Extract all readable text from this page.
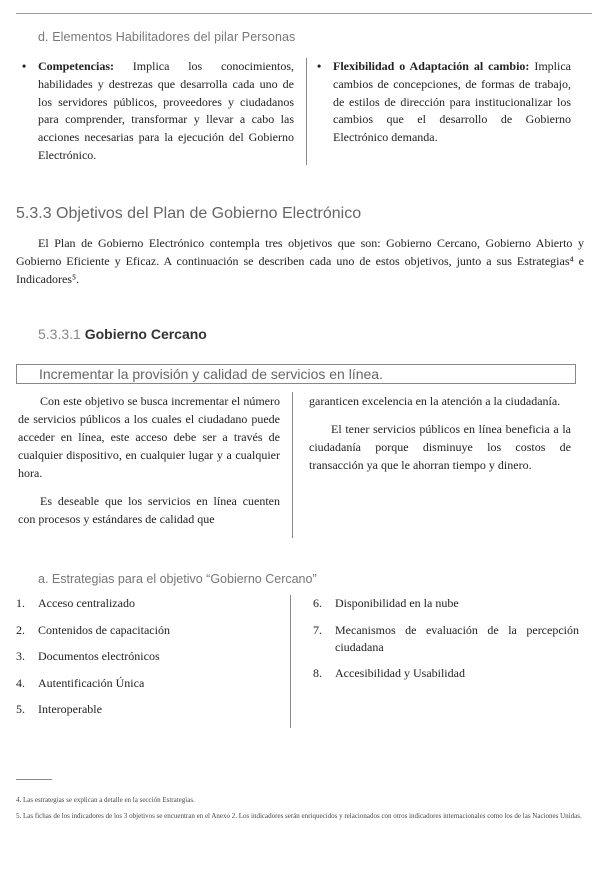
d. Elementos Habilitadores del pilar Personas
• Competencias: Implica los conocimientos, habilidades y destrezas que desarrolla cada uno de los servidores públicos, proveedores y ciudadanos para comprender, transformar y llevar a cabo las acciones necesarias para la ejecución del Gobierno Electrónico.
• Flexibilidad o Adaptación al cambio: Implica cambios de concepciones, de formas de trabajo, de estilos de dirección para institucionalizar los cambios que el desarrollo de Gobierno Electrónico demanda.
5.3.3 Objetivos del Plan de Gobierno Electrónico

El Plan de Gobierno Electrónico contempla tres objetivos que son: Gobierno Cercano, Gobierno Abierto y Gobierno Eficiente y Eficaz. A continuación se describen cada uno de estos objetivos, junto a sus Estrategias⁴ e Indicadores⁵.

5.3.3.1 Gobierno Cercano
Incrementar la provisión y calidad de servicios en línea.

Con este objetivo se busca incrementar el número de servicios públicos a los cuales el ciudadano puede acceder en línea, este acceso debe ser a través de cualquier dispositivo, en cualquier lugar y a cualquier hora.

Es deseable que los servicios en línea cuenten con procesos y estándares de calidad que

garanticen excelencia en la atención a la ciudadanía.

El tener servicios públicos en línea beneficia a la ciudadanía porque disminuye los costos de transacción ya que le ahorran tiempo y dinero.

a. Estrategias para el objetivo “Gobierno Cercano”
1.	Acceso centralizado
2.	Contenidos de capacitación
3.	Documentos electrónicos
4.	Autentificación Única
5.	Interoperable
6.	Disponibilidad en la nube
7.	Mecanismos de evaluación de la percepción ciudadana
8.	Accesibilidad y Usabilidad
4. Las estrategias se explican a detalle en la sección Estrategias.
5. Las fichas de los indicadores de los 3 objetivos se encuentran en el Anexo 2. Los indicadores serán enriquecidos y relacionados con otros indicadores internacionales como los de las Naciones Unidas.
